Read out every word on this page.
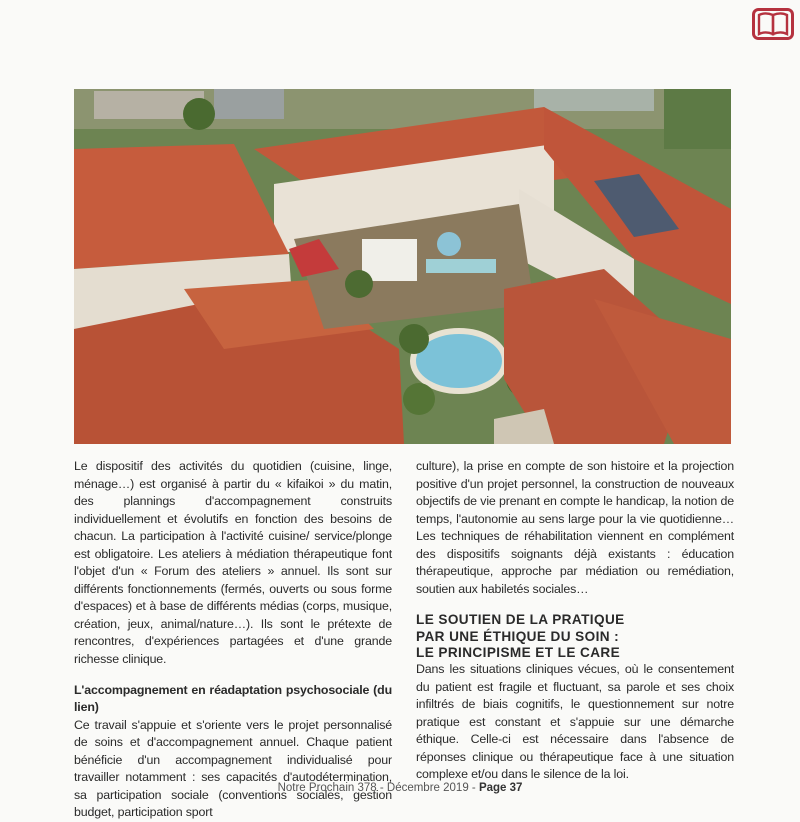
Le dispositif des activités du quotidien (cuisine, linge, ménage…) est organisé à partir du « kifaikoi » du matin, des plannings d'accompagnement construits individuellement et évolutifs en fonction des besoins de chacun. La participation à l'activité cuisine/ service/plonge est obligatoire. Les ateliers à médiation thérapeutique font l'objet d'un « Forum des ateliers » annuel. Ils sont sur différents fonctionnements (fermés, ouverts ou sous forme d'espaces) et à base de différents médias (corps, musique, création, jeux, animal/nature…). Ils sont le prétexte de rencontres, d'expériences partagées et d'une grande richesse clinique.

L'accompagnement en réadaptation psychosociale (du lien)

Ce travail s'appuie et s'oriente vers le projet personnalisé de soins et d'accompagnement annuel. Chaque patient bénéficie d'un accompagnement individualisé pour travailler notamment : ses capacités d'autodétermination, sa participation sociale (conventions sociales, gestion budget, participation sport

culture), la prise en compte de son histoire et la projection positive d'un projet personnel, la construction de nouveaux objectifs de vie prenant en compte le handicap, la notion de temps, l'autonomie au sens large pour la vie quotidienne… Les techniques de réhabilitation viennent en complément des dispositifs soignants déjà existants : éducation thérapeutique, approche par médiation ou remédiation, soutien aux habiletés sociales…

LE SOUTIEN DE LA PRATIQUE
PAR UNE ÉTHIQUE DU SOIN :
LE PRINCIPISME ET LE CARE

Dans les situations cliniques vécues, où le consentement du patient est fragile et fluctuant, sa parole et ses choix infiltrés de biais cognitifs, le questionnement sur notre pratique est constant et s'appuie sur une démarche éthique. Celle-ci est nécessaire dans l'absence de réponses clinique ou thérapeutique face à une situation complexe et/ou dans le silence de la loi.

Notre Prochain 378 - Décembre 2019 - Page 37
